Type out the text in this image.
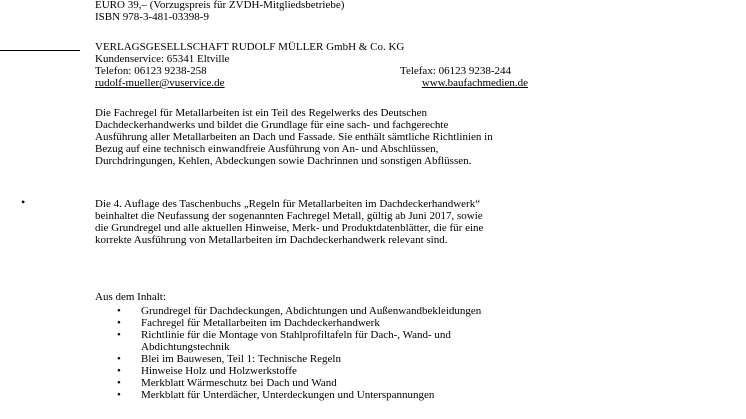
EURO 39,– (Vorzugspreis für ZVDH-Mitgliedsbetriebe)
ISBN 978-3-481-03398-9
VERLAGSGESELLSCHAFT RUDOLF MÜLLER GmbH & Co. KG
Kundenservice: 65341 Eltville
Telefon: 06123 9238-258	Telefax: 06123 9238-244
rudolf-mueller@vuservice.de	www.baufachmedien.de
•
Die Fachregel für Metallarbeiten ist ein Teil des Regelwerks des Deutschen
Dachdeckerhandwerks und bildet die Grundlage für eine sach- und fachgerechte
Ausführung aller Metallarbeiten an Dach und Fassade. Sie enthält sämtliche Richtlinien in
Bezug auf eine technisch einwandfreie Ausführung von An- und Abschlüssen,
Durchdringungen, Kehlen, Abdeckungen sowie Dachrinnen und sonstigen Abflüssen.
Die 4. Auflage des Taschenbuchs „Regeln für Metallarbeiten im Dachdeckerhandwerk“
beinhaltet die Neufassung der sogenannten Fachregel Metall, gültig ab Juni 2017, sowie
die Grundregel und alle aktuellen Hinweise, Merk- und Produktdatenblätter, die für eine
korrekte Ausführung von Metallarbeiten im Dachdeckerhandwerk relevant sind.
Aus dem Inhalt:
• Grundregel für Dachdeckungen, Abdichtungen und Außenwandbekleidungen
• Fachregel für Metallarbeiten im Dachdeckerhandwerk
• Richtlinie für die Montage von Stahlprofiltafeln für Dach-, Wand- und
Abdichtungstechnik
• Blei im Bauwesen, Teil 1: Technische Regeln
• Hinweise Holz und Holzwerkstoffe
• Merkblatt Wärmeschutz bei Dach und Wand
• Merkblatt für Unterdächer, Unterdeckungen und Unterspannungen
